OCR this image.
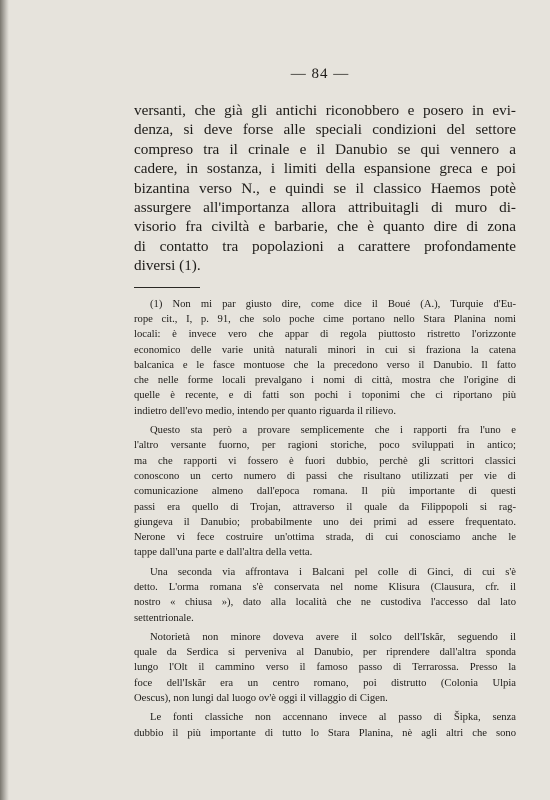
— 84 —

versanti, che già gli antichi riconobbero e posero in evi-
denza, si deve forse alle speciali condizioni del settore
compreso tra il crinale e il Danubio se qui vennero a
cadere, in sostanza, i limiti della espansione greca e poi
bizantina verso N., e quindi se il classico Haemos potè
assurgere all'importanza allora attribuitagli di muro di-
visorio fra civiltà e barbarie, che è quanto dire di zona
di contatto tra popolazioni a carattere profondamente
diversi (1).

(1) Non mi par giusto dire, come dice il Boué (A.), Turquie d'Eu-
rope cit., I, p. 91, che solo poche cime portano nello Stara Planina nomi
locali: è invece vero che appar di regola piuttosto ristretto l'orizzonte
economico delle varie unità naturali minori in cui si fraziona la catena
balcanica e le fasce montuose che la precedono verso il Danubio. Il fatto
che nelle forme locali prevalgano i nomi di città, mostra che l'origine di
quelle è recente, e di fatti son pochi i toponimi che ci riportano più
indietro dell'evo medio, intendo per quanto riguarda il rilievo.
Questo sta però a provare semplicemente che i rapporti fra l'uno e
l'altro versante fuorno, per ragioni storiche, poco sviluppati in antico;
ma che rapporti vi fossero è fuori dubbio, perchè gli scrittori classici
conoscono un certo numero di passi che risultano utilizzati per vie di
comunicazione almeno dall'epoca romana. Il più importante di questi
passi era quello di Trojan, attraverso il quale da Filippopoli si rag-
giungeva il Danubio; probabilmente uno dei primi ad essere frequentato.
Nerone vi fece costruire un'ottima strada, di cui conosciamo anche le
tappe dall'una parte e dall'altra della vetta.
Una seconda via affrontava i Balcani pel colle di Ginci, di cui s'è
detto. L'orma romana s'è conservata nel nome Klisura (Clausura, cfr. il
nostro « chiusa »), dato alla località che ne custodiva l'accesso dal lato
settentrionale.
Notorietà non minore doveva avere il solco dell'Iskăr, seguendo il
quale da Serdica si perveniva al Danubio, per riprendere dall'altra sponda
lungo l'Olt il cammino verso il famoso passo di Terrarossa. Presso la
foce dell'Iskăr era un centro romano, poi distrutto (Colonia Ulpia
Oescus), non lungi dal luogo ov'è oggi il villaggio di Cigen.
Le fonti classiche non accennano invece al passo di Šipka, senza
dubbio il più importante di tutto lo Stara Planina, nè agli altri che sono
